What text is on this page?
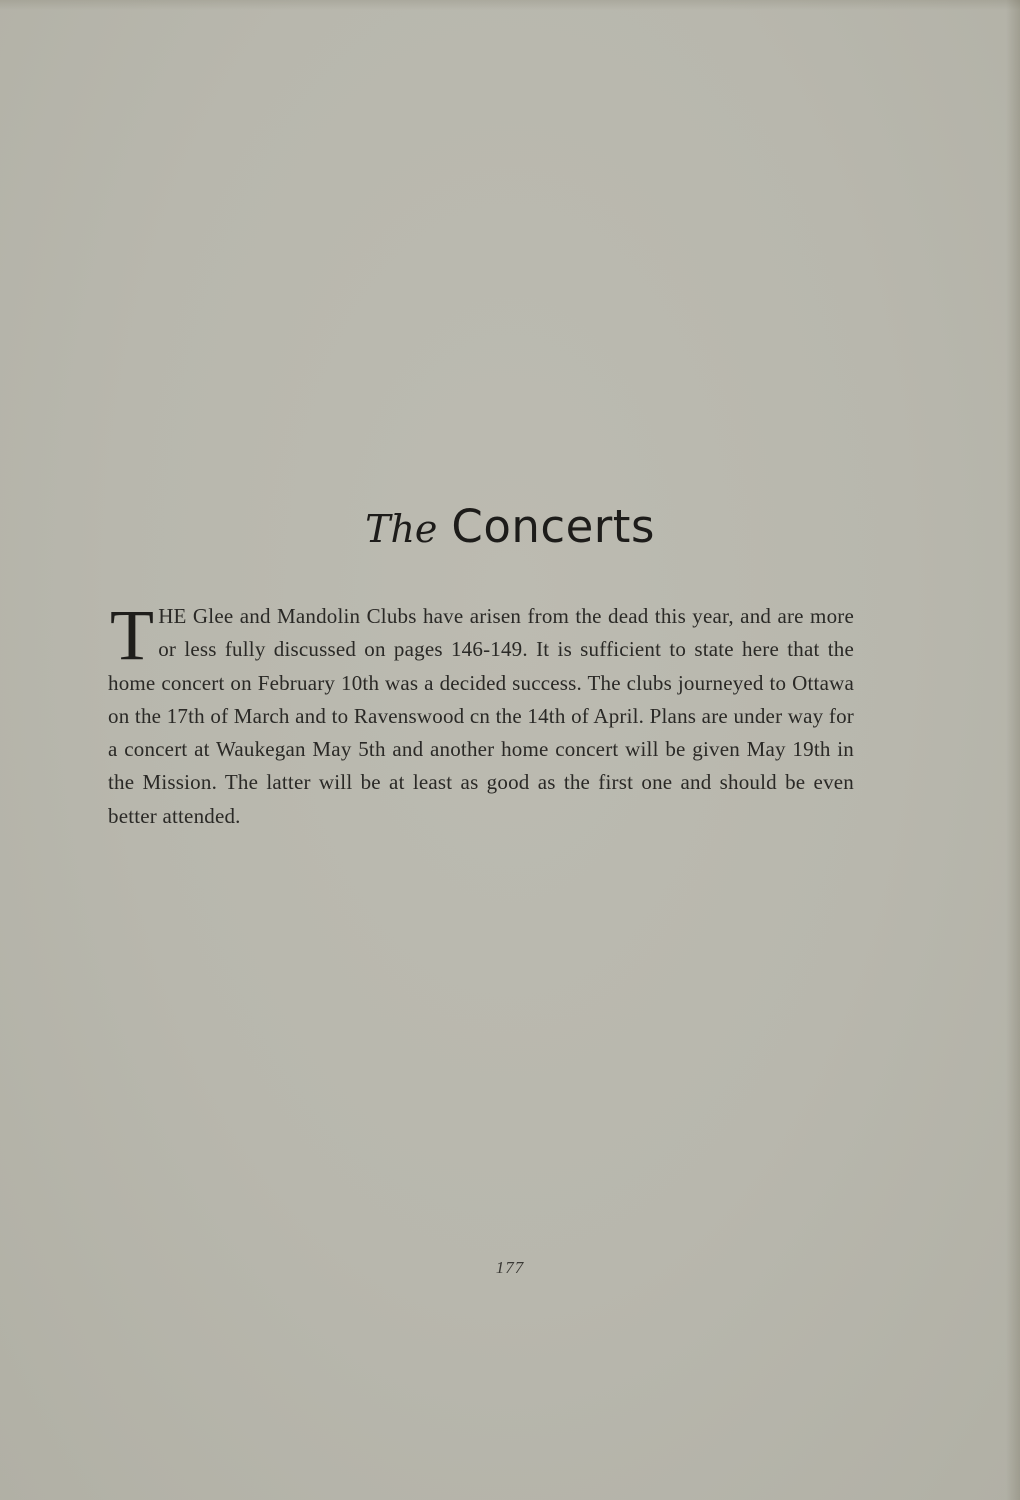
The Concerts
THE Glee and Mandolin Clubs have arisen from the dead this year, and are more or less fully discussed on pages 146-149. It is sufficient to state here that the home concert on February 10th was a decided success. The clubs journeyed to Ottawa on the 17th of March and to Ravenswood cn the 14th of April. Plans are under way for a concert at Waukegan May 5th and another home concert will be given May 19th in the Mission. The latter will be at least as good as the first one and should be even better attended.
177
